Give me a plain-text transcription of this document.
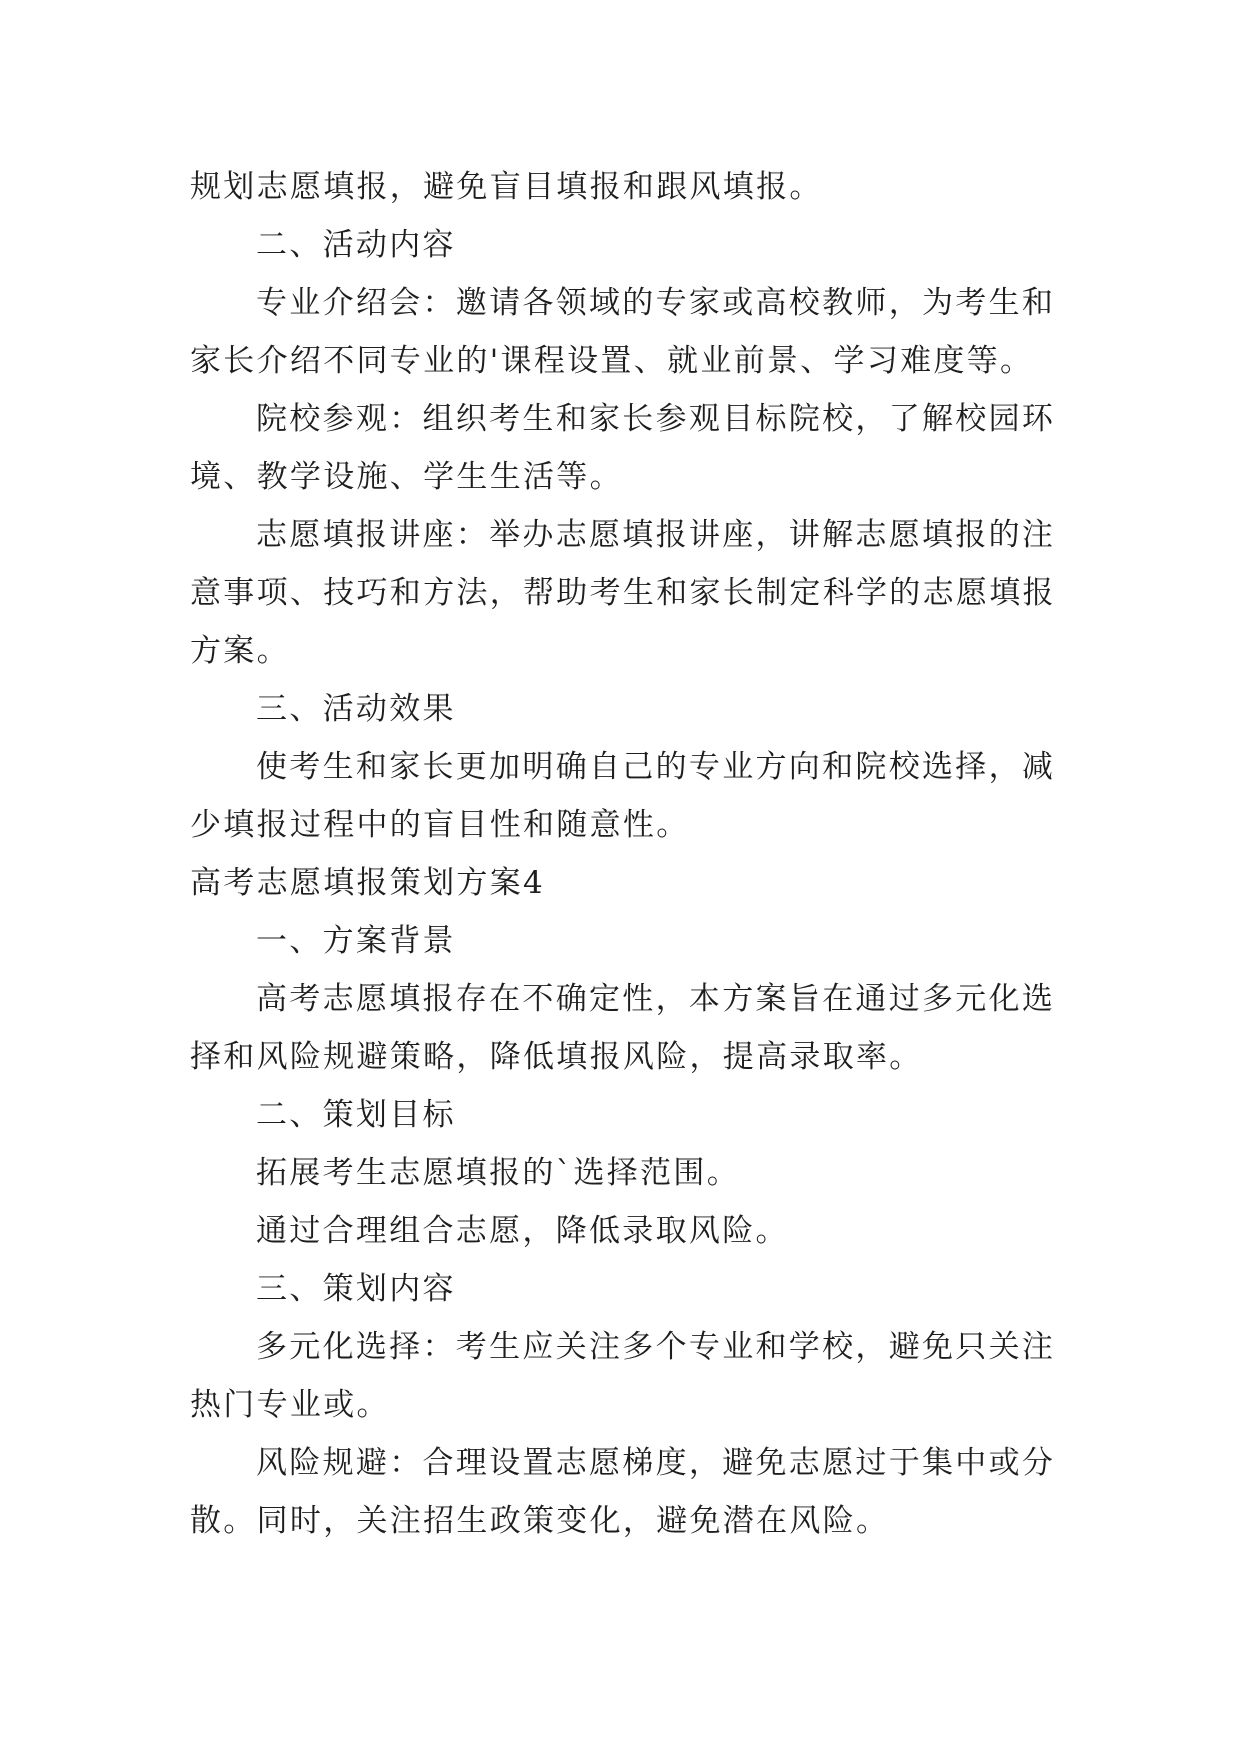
规划志愿填报，避免盲目填报和跟风填报。
二、活动内容
专业介绍会：邀请各领域的专家或高校教师，为考生和
家长介绍不同专业的'课程设置、就业前景、学习难度等。
院校参观：组织考生和家长参观目标院校，了解校园环
境、教学设施、学生生活等。
志愿填报讲座：举办志愿填报讲座，讲解志愿填报的注
意事项、技巧和方法，帮助考生和家长制定科学的志愿填报
方案。
三、活动效果
使考生和家长更加明确自己的专业方向和院校选择，减
少填报过程中的盲目性和随意性。
高考志愿填报策划方案4
一、方案背景
高考志愿填报存在不确定性，本方案旨在通过多元化选
择和风险规避策略，降低填报风险，提高录取率。
二、策划目标
拓展考生志愿填报的`选择范围。
通过合理组合志愿，降低录取风险。
三、策划内容
多元化选择：考生应关注多个专业和学校，避免只关注
热门专业或。
风险规避：合理设置志愿梯度，避免志愿过于集中或分
散。同时，关注招生政策变化，避免潜在风险。
